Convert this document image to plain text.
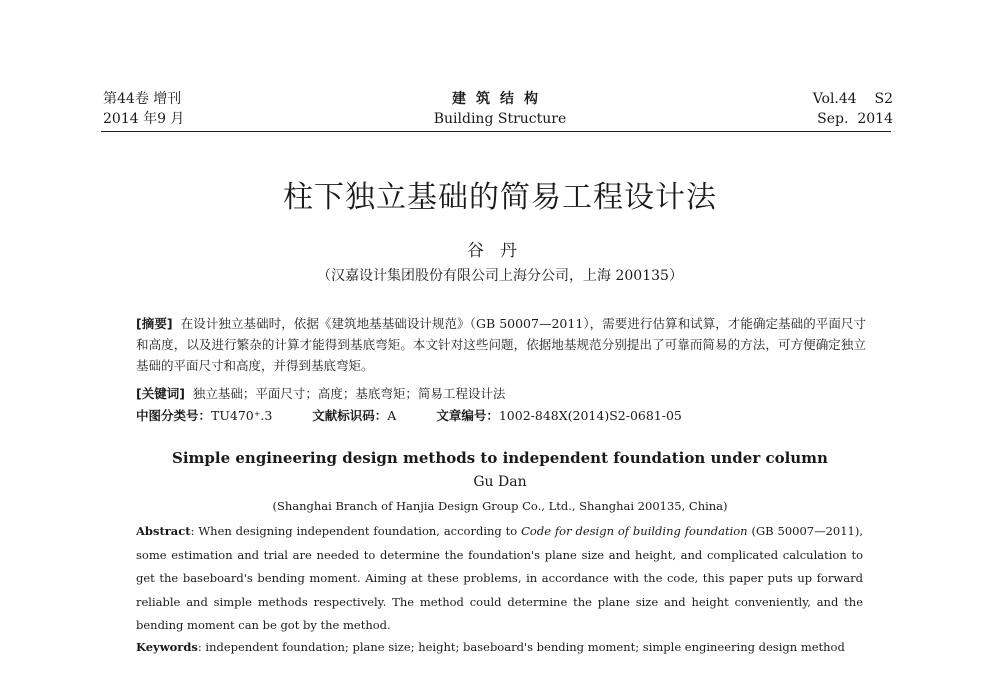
第44卷 增刊
2014 年9 月
建筑结构
Building Structure
Vol.44    S2
Sep.  2014
柱下独立基础的简易工程设计法
谷丹
（汉嘉设计集团股份有限公司上海分公司，上海 200135）
[摘要] 在设计独立基础时，依据《建筑地基基础设计规范》（GB 50007—2011），需要进行估算和试算，才能确定基础的平面尺寸和高度，以及进行繁杂的计算才能得到基底弯矩。本文针对这些问题，依据地基规范分别提出了可靠而简易的方法，可方便确定独立基础的平面尺寸和高度，并得到基底弯矩。
[关键词] 独立基础；平面尺寸；高度；基底弯矩；简易工程设计法
中图分类号：TU470⁺.3	文献标识码：A	文章编号：1002-848X(2014)S2-0681-05
Simple engineering design methods to independent foundation under column
Gu Dan
(Shanghai Branch of Hanjia Design Group Co., Ltd., Shanghai 200135, China)
Abstract: When designing independent foundation, according to Code for design of building foundation (GB 50007—2011), some estimation and trial are needed to determine the foundation's plane size and height, and complicated calculation to get the baseboard's bending moment. Aiming at these problems, in accordance with the code, this paper puts up forward reliable and simple methods respectively. The method could determine the plane size and height conveniently, and the bending moment can be got by the method.
Keywords: independent foundation; plane size; height; baseboard's bending moment; simple engineering design method
